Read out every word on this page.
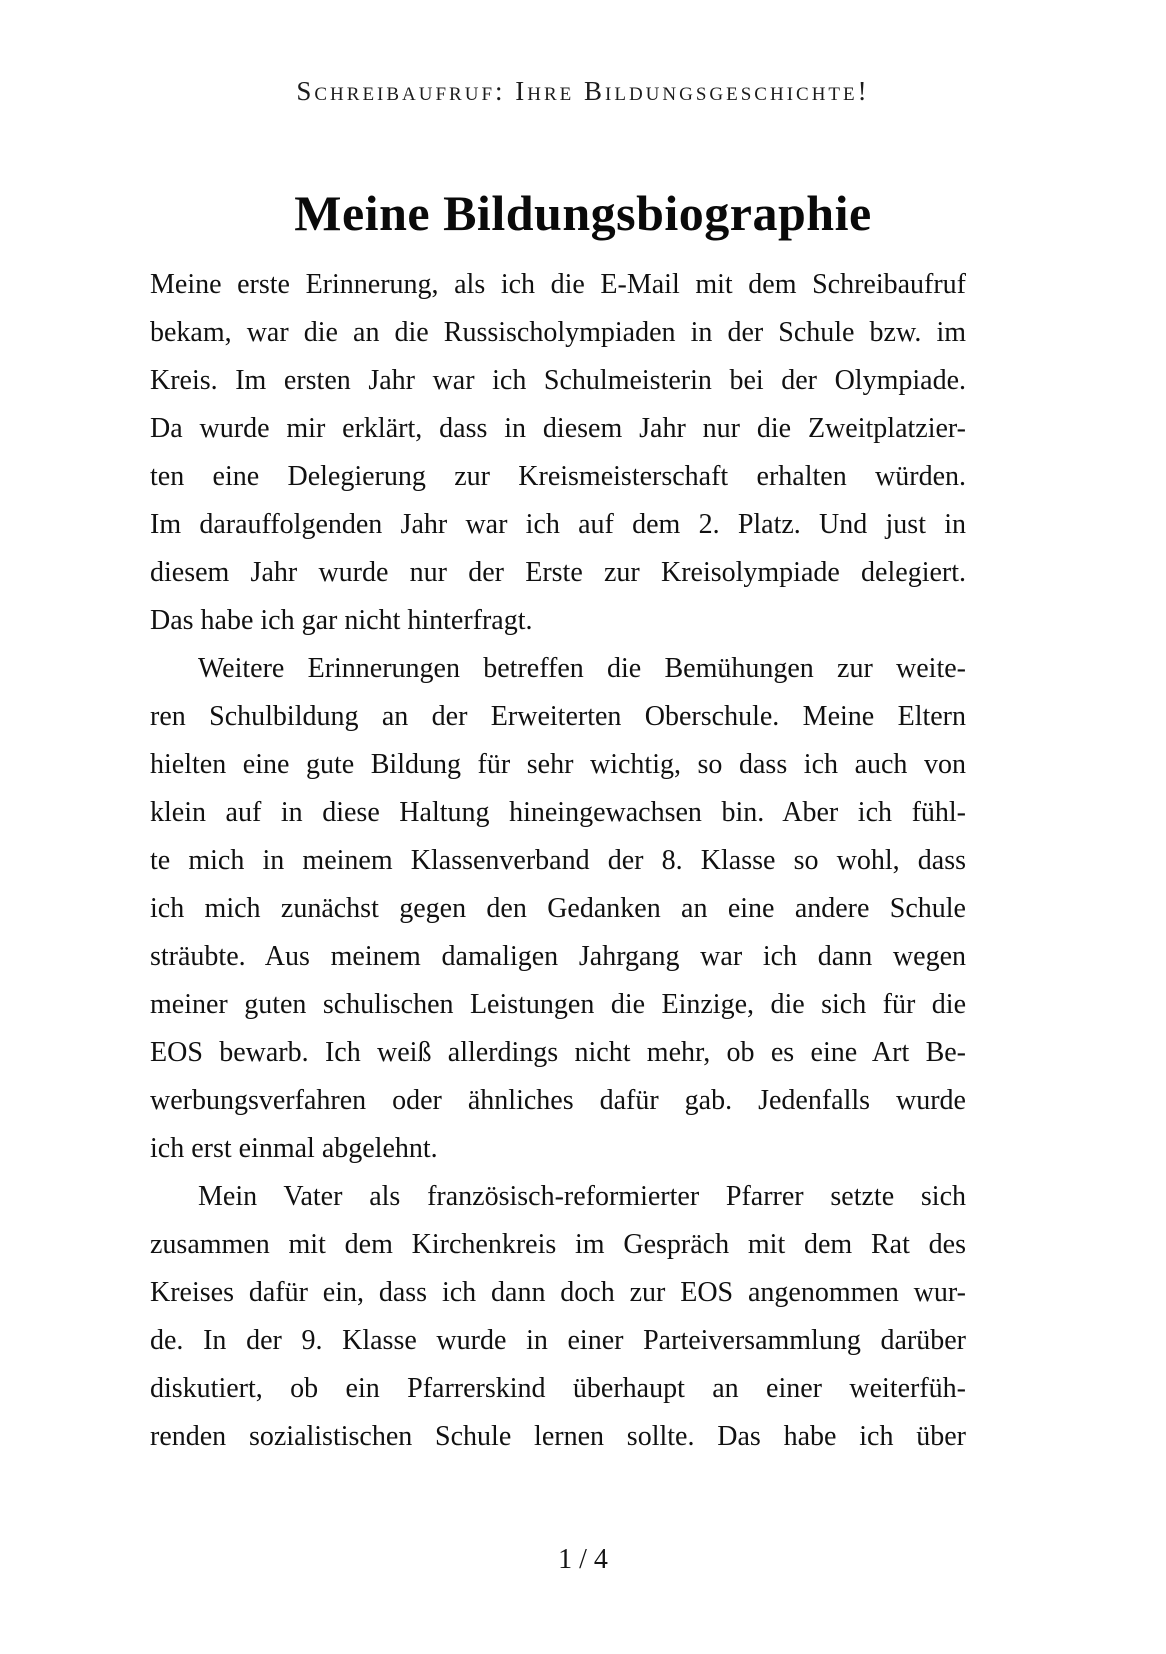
Schreibaufruf: Ihre Bildungsgeschichte!
Meine Bildungsbiographie
Meine erste Erinnerung, als ich die E-Mail mit dem Schreibaufruf
bekam, war die an die Russischolympiaden in der Schule bzw. im
Kreis. Im ersten Jahr war ich Schulmeisterin bei der Olympiade.
Da wurde mir erklärt, dass in diesem Jahr nur die Zweitplatzier-
ten eine Delegierung zur Kreismeisterschaft erhalten würden.
Im darauffolgenden Jahr war ich auf dem 2. Platz. Und just in
diesem Jahr wurde nur der Erste zur Kreisolympiade delegiert.
Das habe ich gar nicht hinterfragt.
Weitere Erinnerungen betreffen die Bemühungen zur weite-
ren Schulbildung an der Erweiterten Oberschule. Meine Eltern
hielten eine gute Bildung für sehr wichtig, so dass ich auch von
klein auf in diese Haltung hineingewachsen bin. Aber ich fühl-
te mich in meinem Klassenverband der 8. Klasse so wohl, dass
ich mich zunächst gegen den Gedanken an eine andere Schule
sträubte. Aus meinem damaligen Jahrgang war ich dann wegen
meiner guten schulischen Leistungen die Einzige, die sich für die
EOS bewarb. Ich weiß allerdings nicht mehr, ob es eine Art Be-
werbungsverfahren oder ähnliches dafür gab. Jedenfalls wurde
ich erst einmal abgelehnt.
Mein Vater als französisch-reformierter Pfarrer setzte sich
zusammen mit dem Kirchenkreis im Gespräch mit dem Rat des
Kreises dafür ein, dass ich dann doch zur EOS angenommen wur-
de. In der 9. Klasse wurde in einer Parteiversammlung darüber
diskutiert, ob ein Pfarrerskind überhaupt an einer weiterfüh-
renden sozialistischen Schule lernen sollte. Das habe ich über
1 / 4
